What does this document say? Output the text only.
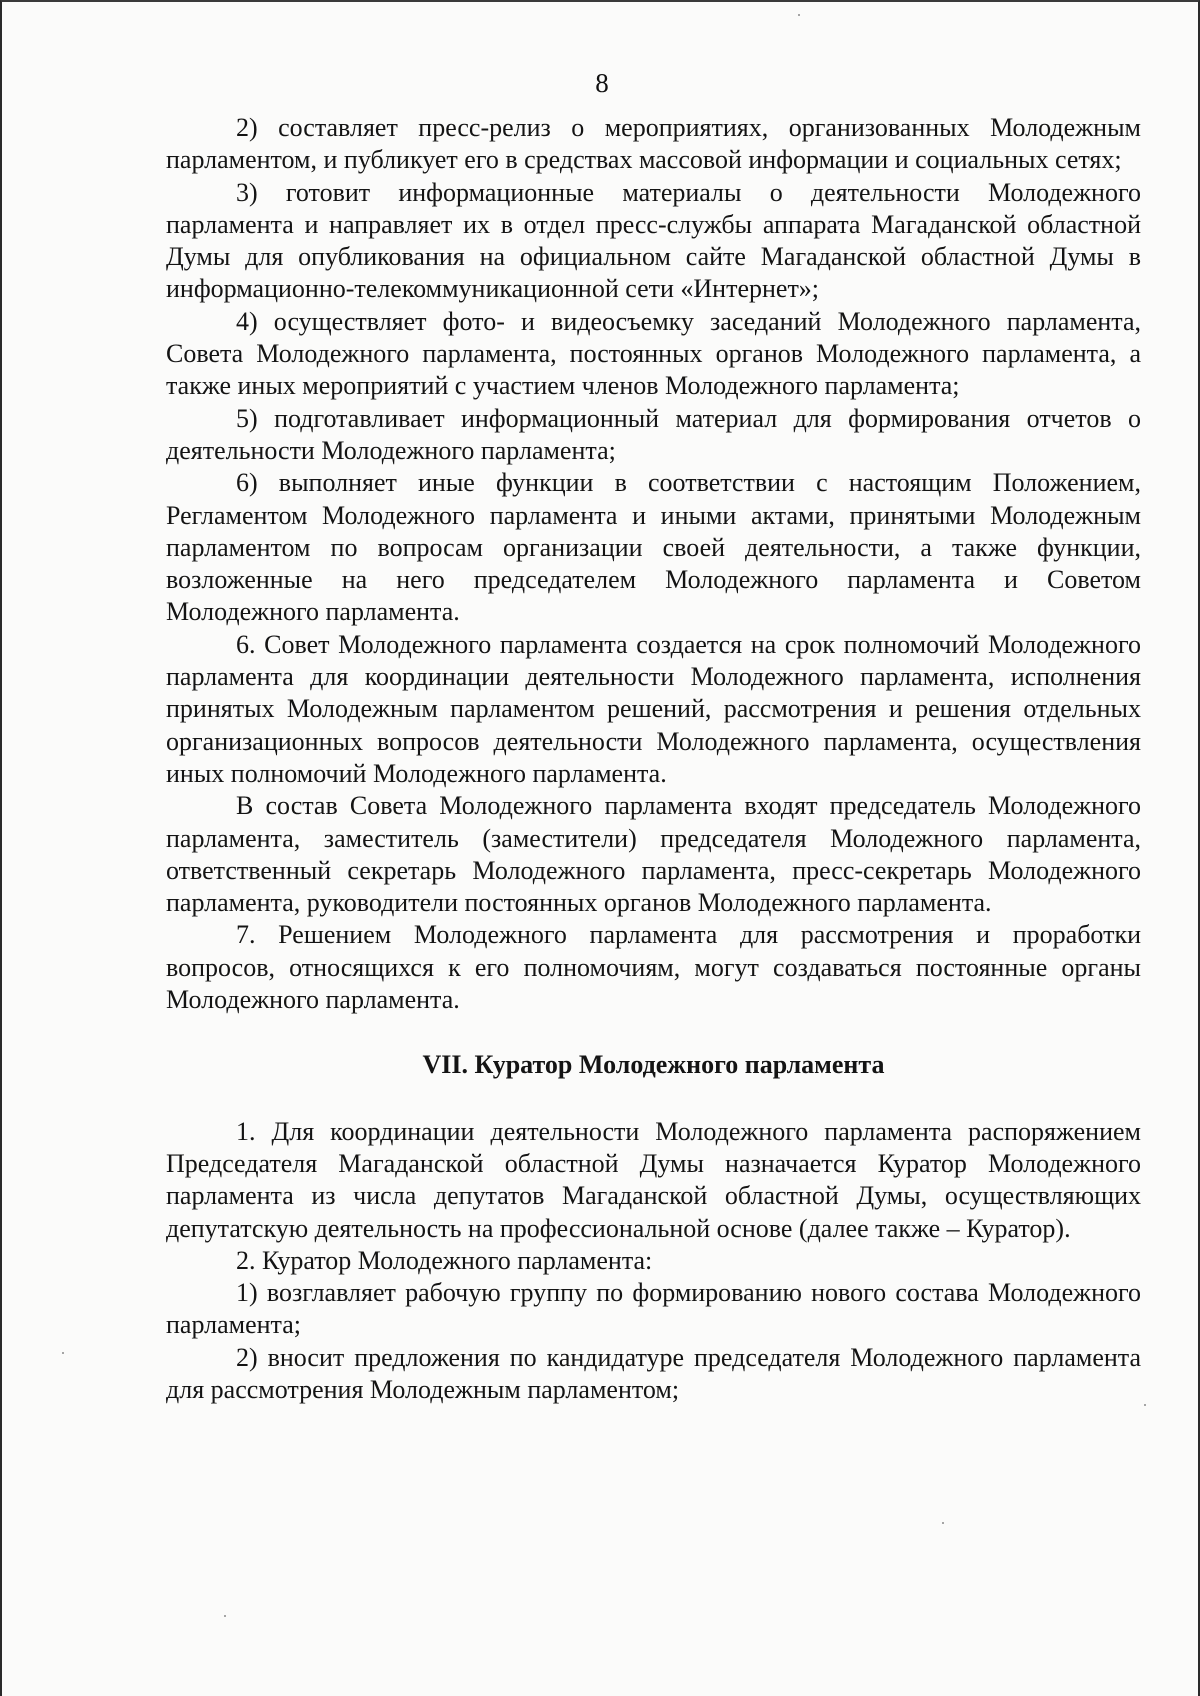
8

2) составляет пресс-релиз о мероприятиях, организованных Молодежным парламентом, и публикует его в средствах массовой информации и социальных сетях;

3) готовит информационные материалы о деятельности Молодежного парламента и направляет их в отдел пресс-службы аппарата Магаданской областной Думы для опубликования на официальном сайте Магаданской областной Думы в информационно-телекоммуникационной сети «Интернет»;

4) осуществляет фото- и видеосъемку заседаний Молодежного парламента, Совета Молодежного парламента, постоянных органов Молодежного парламента, а также иных мероприятий с участием членов Молодежного парламента;

5) подготавливает информационный материал для формирования отчетов о деятельности Молодежного парламента;

6) выполняет иные функции в соответствии с настоящим Положением, Регламентом Молодежного парламента и иными актами, принятыми Молодежным парламентом по вопросам организации своей деятельности, а также функции, возложенные на него председателем Молодежного парламента и Советом Молодежного парламента.

6. Совет Молодежного парламента создается на срок полномочий Молодежного парламента для координации деятельности Молодежного парламента, исполнения принятых Молодежным парламентом решений, рассмотрения и решения отдельных организационных вопросов деятельности Молодежного парламента, осуществления иных полномочий Молодежного парламента.

В состав Совета Молодежного парламента входят председатель Молодежного парламента, заместитель (заместители) председателя Молодежного парламента, ответственный секретарь Молодежного парламента, пресс-секретарь Молодежного парламента, руководители постоянных органов Молодежного парламента.

7. Решением Молодежного парламента для рассмотрения и проработки вопросов, относящихся к его полномочиям, могут создаваться постоянные органы Молодежного парламента.

VII. Куратор Молодежного парламента

1. Для координации деятельности Молодежного парламента распоряжением Председателя Магаданской областной Думы назначается Куратор Молодежного парламента из числа депутатов Магаданской областной Думы, осуществляющих депутатскую деятельность на профессиональной основе (далее также – Куратор).

2. Куратор Молодежного парламента:

1) возглавляет рабочую группу по формированию нового состава Молодежного парламента;

2) вносит предложения по кандидатуре председателя Молодежного парламента для рассмотрения Молодежным парламентом;
